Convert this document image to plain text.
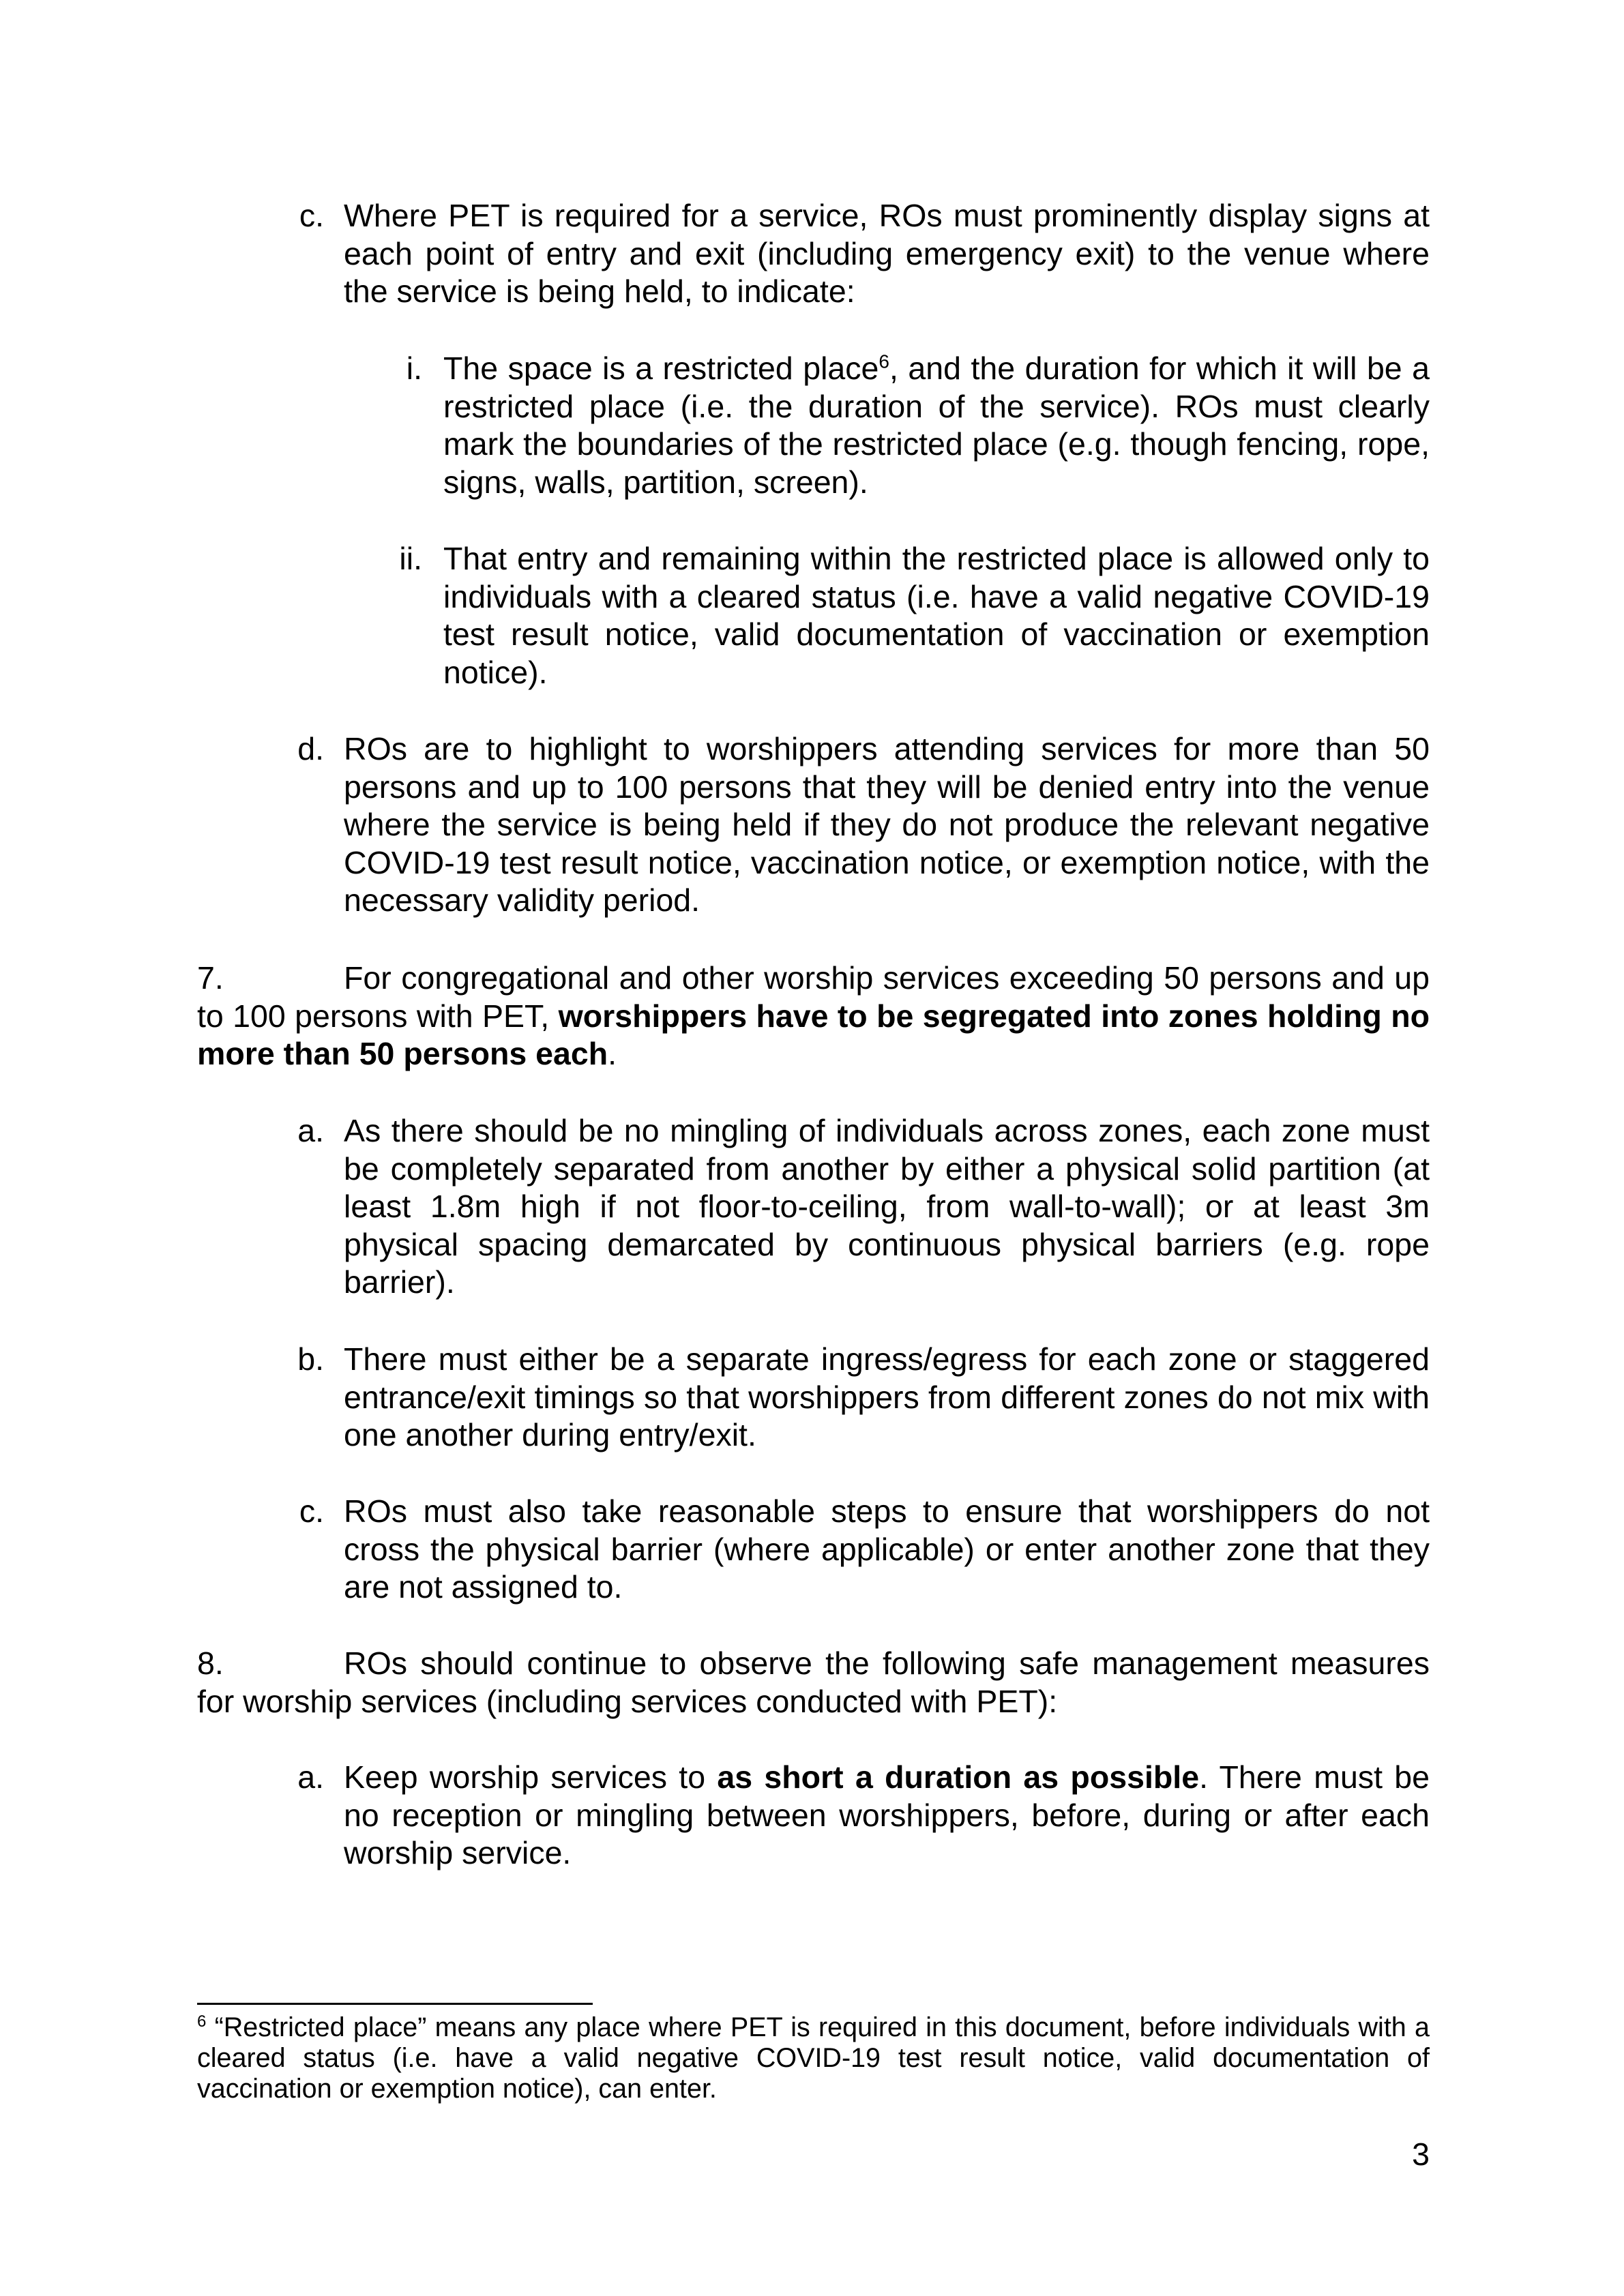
c. Where PET is required for a service, ROs must prominently display signs at each point of entry and exit (including emergency exit) to the venue where the service is being held, to indicate:
i. The space is a restricted place$^6$, and the duration for which it will be a restricted place (i.e. the duration of the service). ROs must clearly mark the boundaries of the restricted place (e.g. though fencing, rope, signs, walls, partition, screen).
ii. That entry and remaining within the restricted place is allowed only to individuals with a cleared status (i.e. have a valid negative COVID-19 test result notice, valid documentation of vaccination or exemption notice).
d. ROs are to highlight to worshippers attending services for more than 50 persons and up to 100 persons that they will be denied entry into the venue where the service is being held if they do not produce the relevant negative COVID-19 test result notice, vaccination notice, or exemption notice, with the necessary validity period.
7.	For congregational and other worship services exceeding 50 persons and up to 100 persons with PET, worshippers have to be segregated into zones holding no more than 50 persons each.
a. As there should be no mingling of individuals across zones, each zone must be completely separated from another by either a physical solid partition (at least 1.8m high if not floor-to-ceiling, from wall-to-wall); or at least 3m physical spacing demarcated by continuous physical barriers (e.g. rope barrier).
b. There must either be a separate ingress/egress for each zone or staggered entrance/exit timings so that worshippers from different zones do not mix with one another during entry/exit.
c. ROs must also take reasonable steps to ensure that worshippers do not cross the physical barrier (where applicable) or enter another zone that they are not assigned to.
8.	ROs should continue to observe the following safe management measures for worship services (including services conducted with PET):
a. Keep worship services to as short a duration as possible. There must be no reception or mingling between worshippers, before, during or after each worship service.
$^6$ “Restricted place” means any place where PET is required in this document, before individuals with a cleared status (i.e. have a valid negative COVID-19 test result notice, valid documentation of vaccination or exemption notice), can enter.
3
